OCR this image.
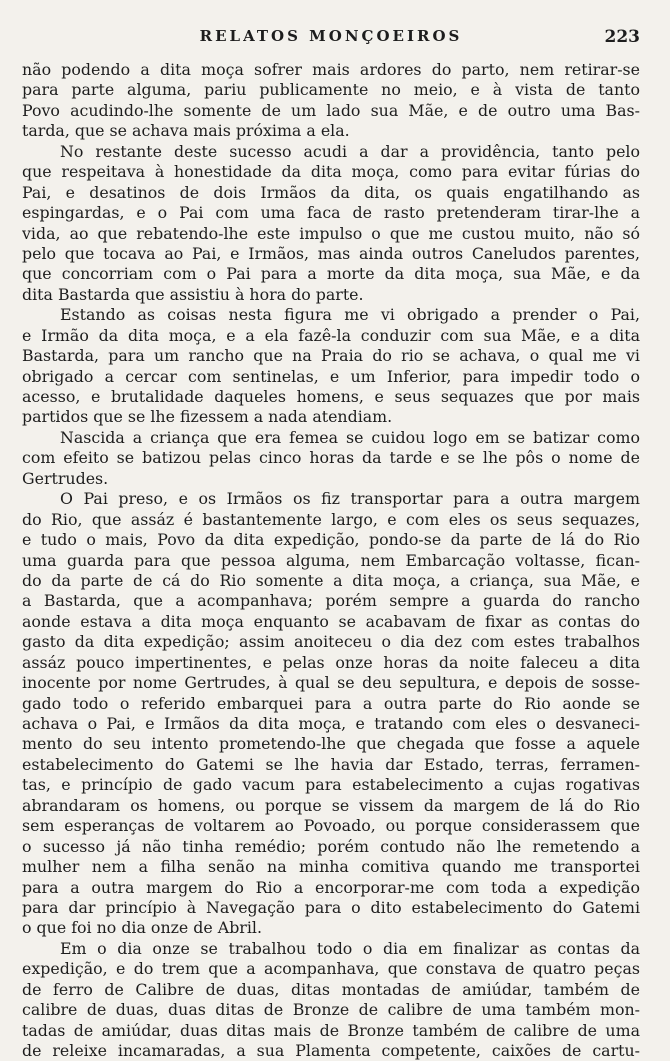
RELATOS MONÇOEIROS	223
não podendo a dita moça sofrer mais ardores do parto, nem retirar-se
para parte alguma, pariu publicamente no meio, e à vista de tanto
Povo acudindo-lhe somente de um lado sua Mãe, e de outro uma Bas-
tarda, que se achava mais próxima a ela.
No restante deste sucesso acudi a dar a providência, tanto pelo
que respeitava à honestidade da dita moça, como para evitar fúrias do
Pai, e desatinos de dois Irmãos da dita, os quais engatilhando as
espingardas, e o Pai com uma faca de rasto pretenderam tirar-lhe a
vida, ao que rebatendo-lhe este impulso o que me custou muito, não só
pelo que tocava ao Pai, e Irmãos, mas ainda outros Caneludos parentes,
que concorriam com o Pai para a morte da dita moça, sua Mãe, e da
dita Bastarda que assistiu à hora do parte.
Estando as coisas nesta figura me vi obrigado a prender o Pai,
e Irmão da dita moça, e a ela fazê-la conduzir com sua Mãe, e a dita
Bastarda, para um rancho que na Praia do rio se achava, o qual me vi
obrigado a cercar com sentinelas, e um Inferior, para impedir todo o
acesso, e brutalidade daqueles homens, e seus sequazes que por mais
partidos que se lhe fizessem a nada atendiam.
Nascida a criança que era femea se cuidou logo em se batizar como
com efeito se batizou pelas cinco horas da tarde e se lhe pôs o nome de
Gertrudes.
O Pai preso, e os Irmãos os fiz transportar para a outra margem
do Rio, que assáz é bastantemente largo, e com eles os seus sequazes,
e tudo o mais, Povo da dita expedição, pondo-se da parte de lá do Rio
uma guarda para que pessoa alguma, nem Embarcação voltasse, fican-
do da parte de cá do Rio somente a dita moça, a criança, sua Mãe, e
a Bastarda, que a acompanhava; porém sempre a guarda do rancho
aonde estava a dita moça enquanto se acabavam de fixar as contas do
gasto da dita expedição; assim anoiteceu o dia dez com estes trabalhos
assáz pouco impertinentes, e pelas onze horas da noite faleceu a dita
inocente por nome Gertrudes, à qual se deu sepultura, e depois de sosse-
gado todo o referido embarquei para a outra parte do Rio aonde se
achava o Pai, e Irmãos da dita moça, e tratando com eles o desvaneci-
mento do seu intento prometendo-lhe que chegada que fosse a aquele
estabelecimento do Gatemi se lhe havia dar Estado, terras, ferramen-
tas, e princípio de gado vacum para estabelecimento a cujas rogativas
abrandaram os homens, ou porque se vissem da margem de lá do Rio
sem esperanças de voltarem ao Povoado, ou porque considerassem que
o sucesso já não tinha remédio; porém contudo não lhe remetendo a
mulher nem a filha senão na minha comitiva quando me transportei
para a outra margem do Rio a encorporar-me com toda a expedição
para dar princípio à Navegação para o dito estabelecimento do Gatemi
o que foi no dia onze de Abril.
Em o dia onze se trabalhou todo o dia em finalizar as contas da
expedição, e do trem que a acompanhava, que constava de quatro peças
de ferro de Calibre de duas, ditas montadas de amiúdar, também de
calibre de duas, duas ditas de Bronze de calibre de uma também mon-
tadas de amiúdar, duas ditas mais de Bronze também de calibre de uma
de releixe incamaradas, a sua Plamenta competente, caixões de cartu-
